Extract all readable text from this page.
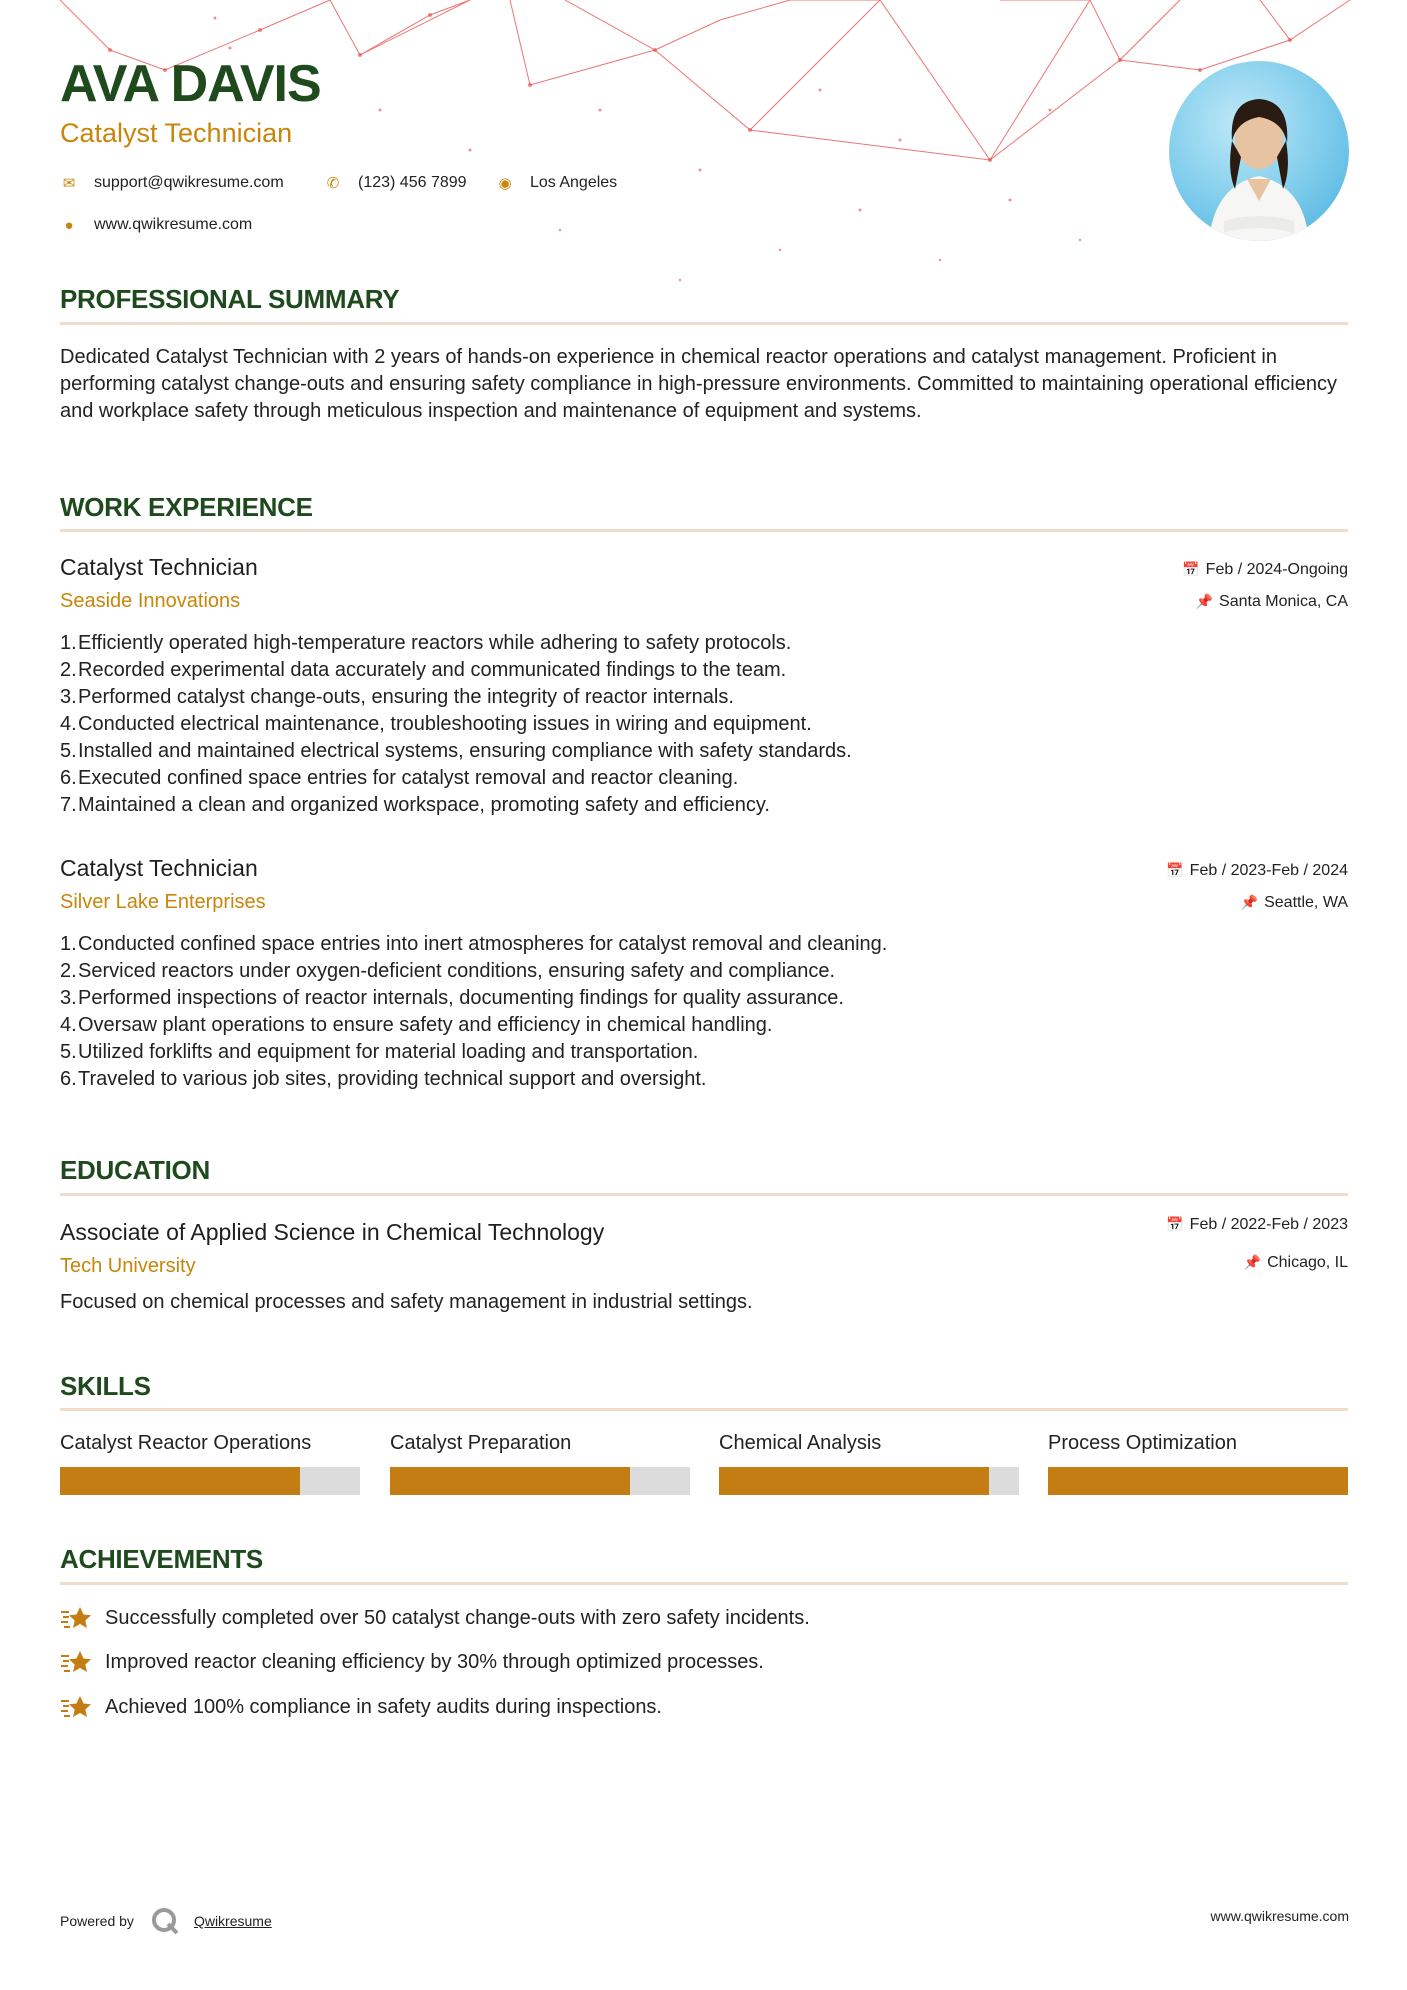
AVA DAVIS
Catalyst Technician
✉ support@qwikresume.com	✆ (123) 456 7899 ◉ Los Angeles
● www.qwikresume.com
PROFESSIONAL SUMMARY
Dedicated Catalyst Technician with 2 years of hands-on experience in chemical reactor operations and catalyst management. Proficient in performing catalyst change-outs and ensuring safety compliance in high-pressure environments. Committed to maintaining operational efficiency and workplace safety through meticulous inspection and maintenance of equipment and systems.
WORK EXPERIENCE
Catalyst Technician
Seaside Innovations
📅 Feb / 2024-Ongoing
📌 Santa Monica, CA
1.Efficiently operated high-temperature reactors while adhering to safety protocols.
2.Recorded experimental data accurately and communicated findings to the team.
3.Performed catalyst change-outs, ensuring the integrity of reactor internals.
4.Conducted electrical maintenance, troubleshooting issues in wiring and equipment.
5.Installed and maintained electrical systems, ensuring compliance with safety standards.
6.Executed confined space entries for catalyst removal and reactor cleaning.
7.Maintained a clean and organized workspace, promoting safety and efficiency.
Catalyst Technician
Silver Lake Enterprises
📅 Feb / 2023-Feb / 2024
📌 Seattle, WA
1.Conducted confined space entries into inert atmospheres for catalyst removal and cleaning.
2.Serviced reactors under oxygen-deficient conditions, ensuring safety and compliance.
3.Performed inspections of reactor internals, documenting findings for quality assurance.
4.Oversaw plant operations to ensure safety and efficiency in chemical handling.
5.Utilized forklifts and equipment for material loading and transportation.
6.Traveled to various job sites, providing technical support and oversight.
EDUCATION
Associate of Applied Science in Chemical Technology
Tech University
📅 Feb / 2022-Feb / 2023
📌 Chicago, IL
Focused on chemical processes and safety management in industrial settings.
SKILLS
Catalyst Reactor Operations	Catalyst Preparation	Chemical Analysis	Process Optimization
ACHIEVEMENTS
Successfully completed over 50 catalyst change-outs with zero safety incidents.
Improved reactor cleaning efficiency by 30% through optimized processes.
Achieved 100% compliance in safety audits during inspections.
Powered by	Qwikresume	www.qwikresume.com
